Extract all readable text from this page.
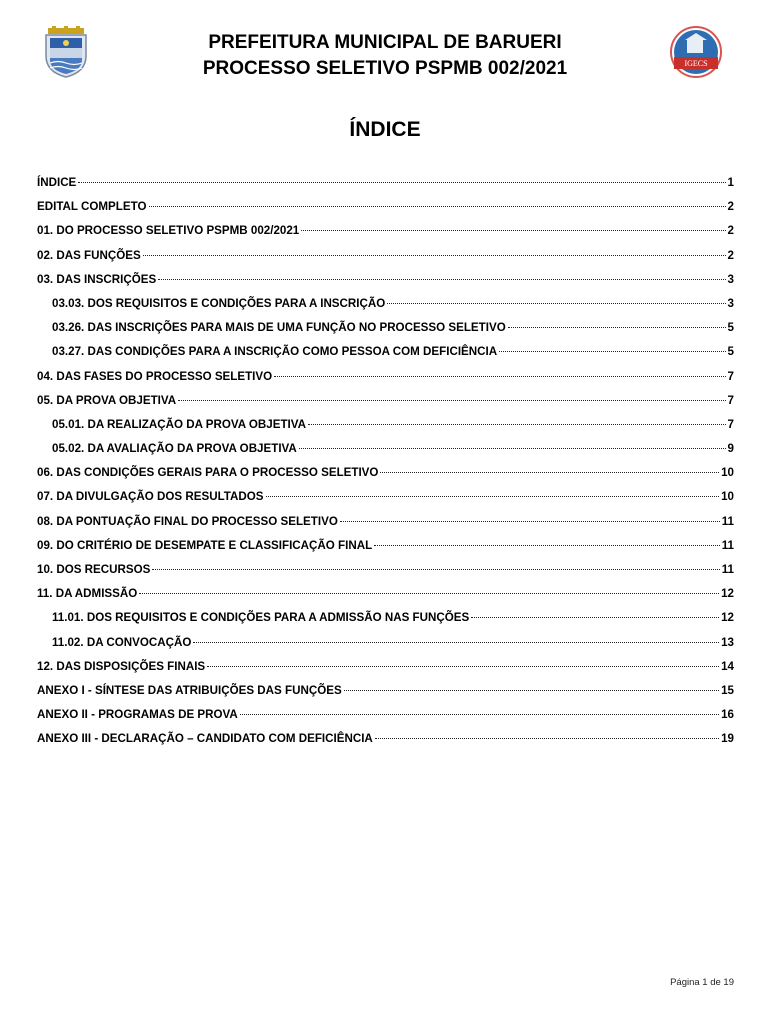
PREFEITURA MUNICIPAL DE BARUERI
PROCESSO SELETIVO PSPMB 002/2021	IGECS
ÍNDICE
ÍNDICE	1
EDITAL COMPLETO	2
01. DO PROCESSO SELETIVO PSPMB 002/2021	2
02. DAS FUNÇÕES	2
03. DAS INSCRIÇÕES	3
03.03. DOS REQUISITOS E CONDIÇÕES PARA A INSCRIÇÃO	3
03.26. DAS INSCRIÇÕES PARA MAIS DE UMA FUNÇÃO NO PROCESSO SELETIVO	5
03.27. DAS CONDIÇÕES PARA A INSCRIÇÃO COMO PESSOA COM DEFICIÊNCIA	5
04. DAS FASES DO PROCESSO SELETIVO	7
05. DA PROVA OBJETIVA	7
05.01. DA REALIZAÇÃO DA PROVA OBJETIVA	7
05.02. DA AVALIAÇÃO DA PROVA OBJETIVA	9
06. DAS CONDIÇÕES GERAIS PARA O PROCESSO SELETIVO	10
07. DA DIVULGAÇÃO DOS RESULTADOS	10
08. DA PONTUAÇÃO FINAL DO PROCESSO SELETIVO	11
09. DO CRITÉRIO DE DESEMPATE E CLASSIFICAÇÃO FINAL	11
10. DOS RECURSOS	11
11. DA ADMISSÃO	12
11.01. DOS REQUISITOS E CONDIÇÕES PARA A ADMISSÃO NAS FUNÇÕES	12
11.02. DA CONVOCAÇÃO	13
12. DAS DISPOSIÇÕES FINAIS	14
ANEXO I - SÍNTESE DAS ATRIBUIÇÕES DAS FUNÇÕES	15
ANEXO II - PROGRAMAS DE PROVA	16
ANEXO III - DECLARAÇÃO – CANDIDATO COM DEFICIÊNCIA	19
Página 1 de 19
